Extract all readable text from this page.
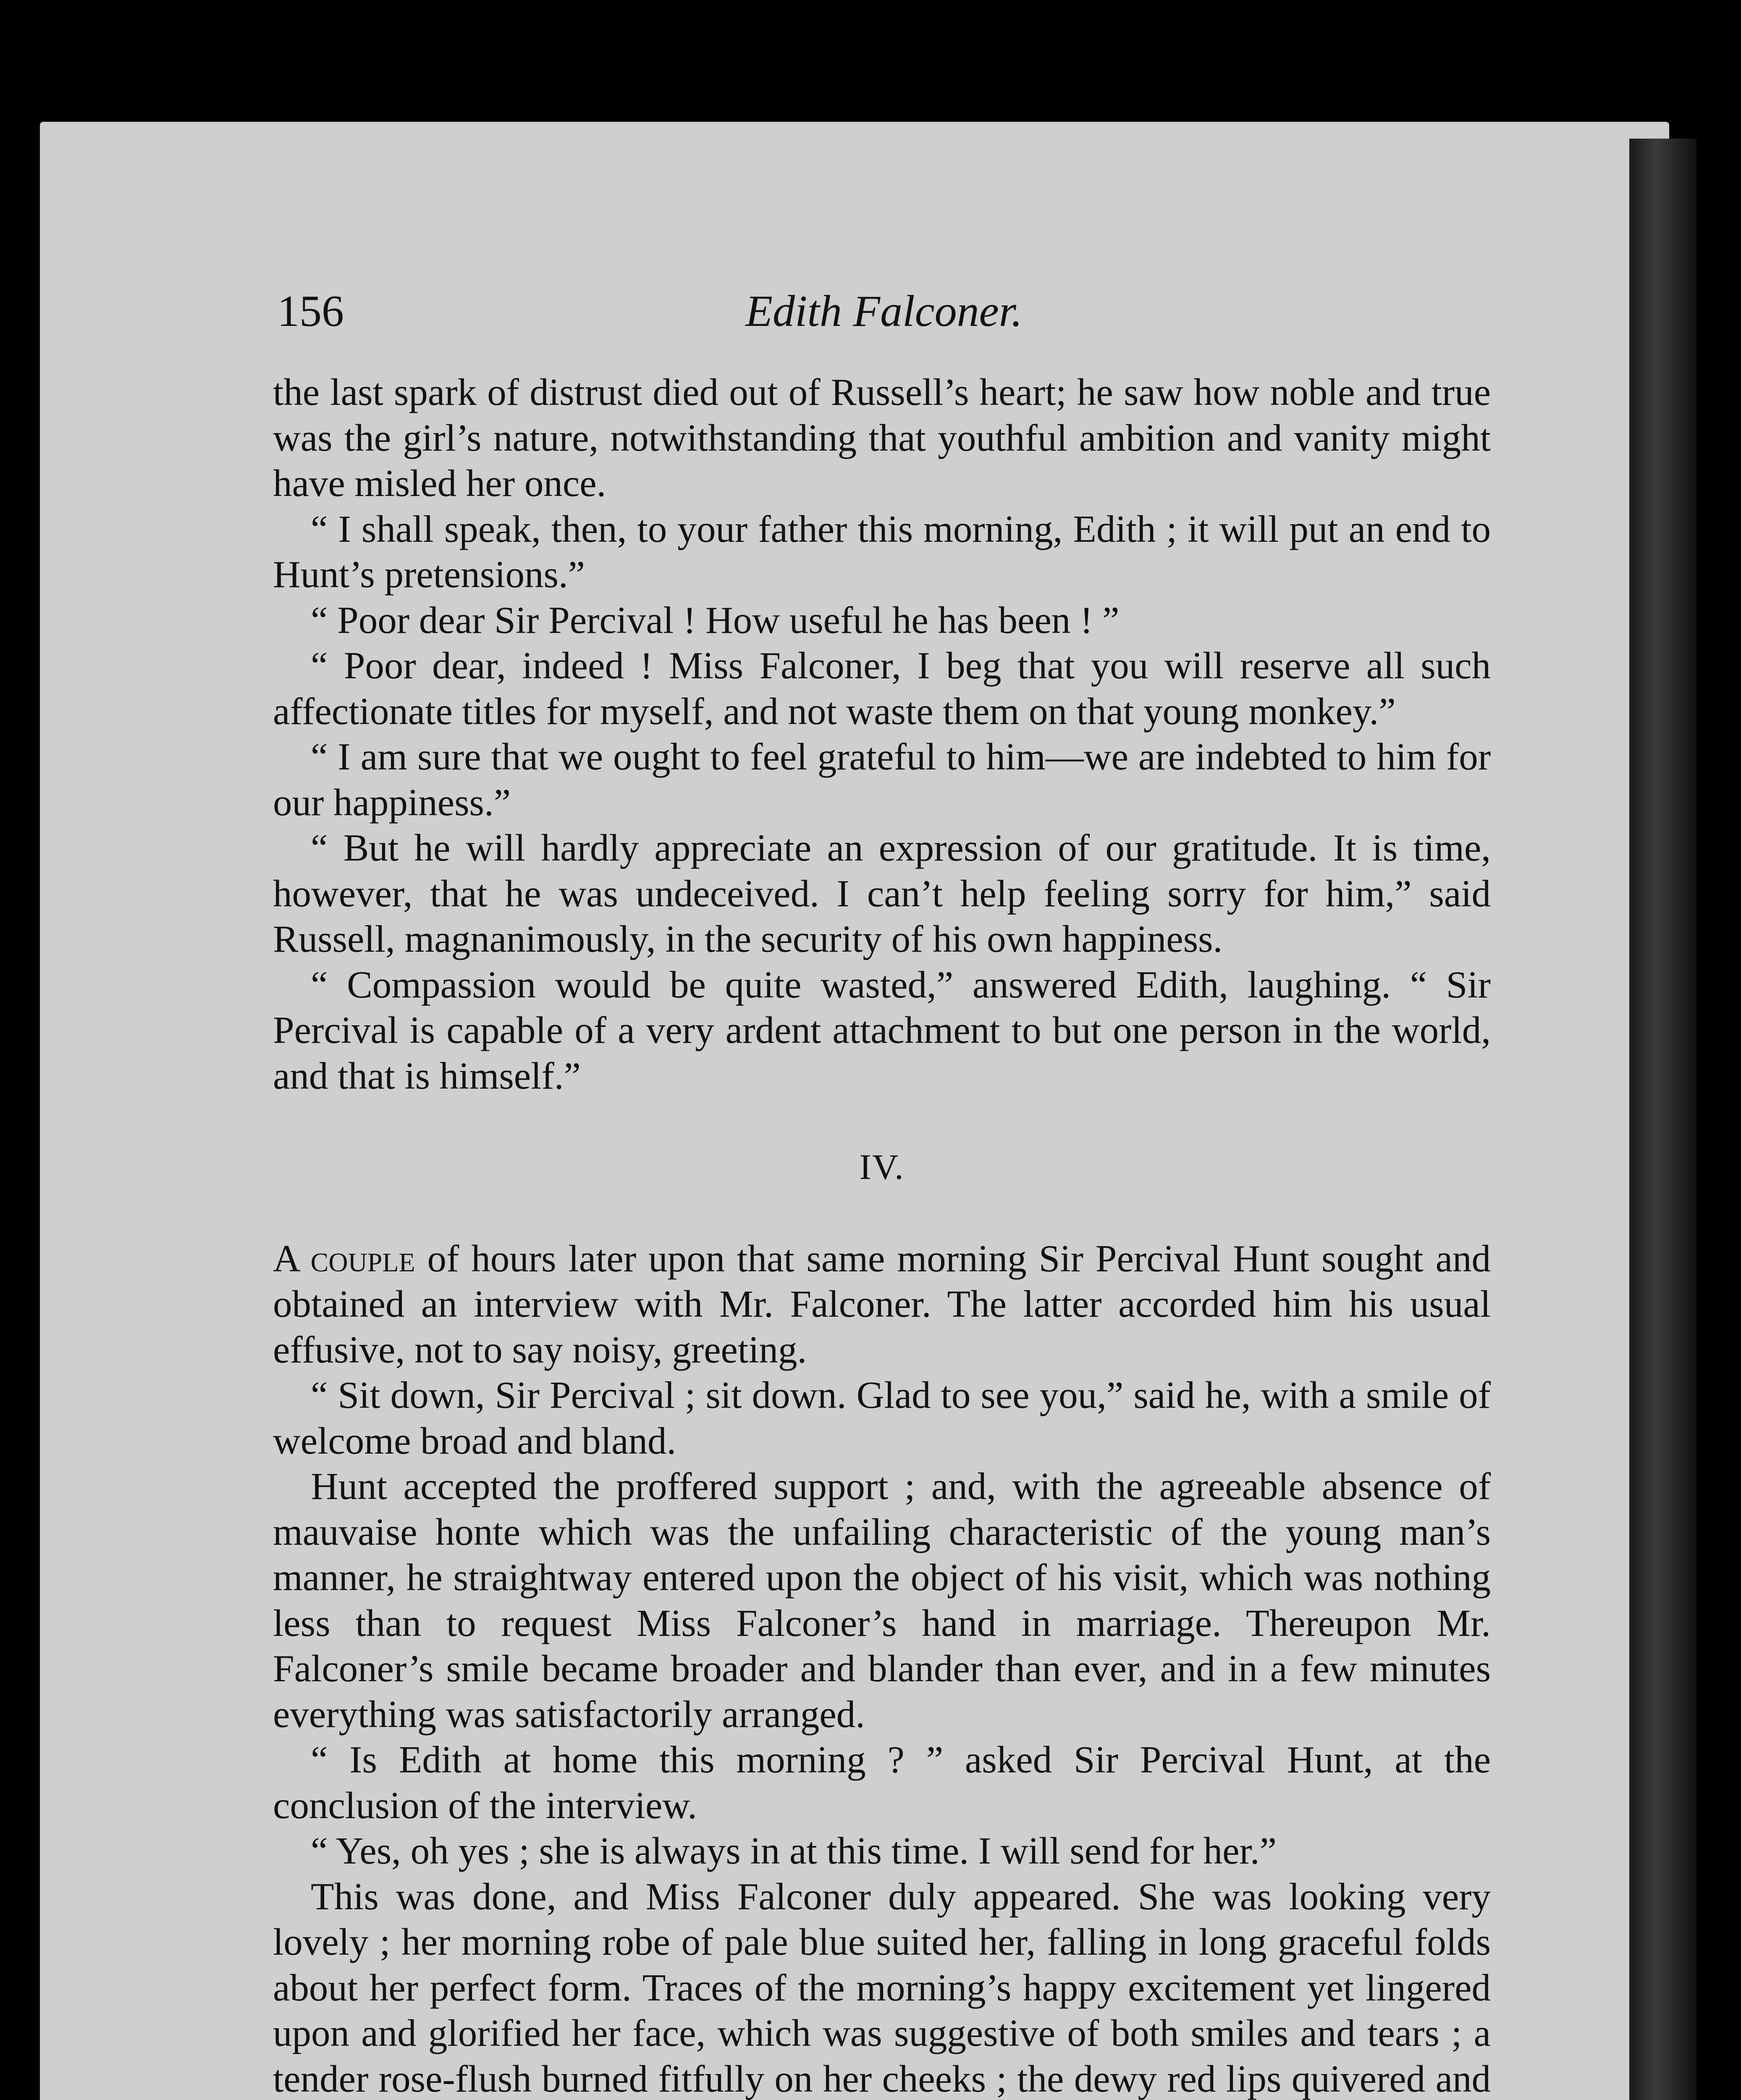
156	Edith Falconer.

the last spark of distrust died out of Russell’s heart; he saw how noble and true was the girl’s nature, notwithstanding that youthful ambition and vanity might have misled her once.

“ I shall speak, then, to your father this morning, Edith ; it will put an end to Hunt’s pretensions.”

“ Poor dear Sir Percival ! How useful he has been ! ”

“ Poor dear, indeed ! Miss Falconer, I beg that you will reserve all such affectionate titles for myself, and not waste them on that young monkey.”

“ I am sure that we ought to feel grateful to him—we are indebted to him for our happiness.”

“ But he will hardly appreciate an expression of our gratitude. It is time, however, that he was undeceived. I can’t help feeling sorry for him,” said Russell, magnanimously, in the security of his own happiness.

“ Compassion would be quite wasted,” answered Edith, laughing. “ Sir Percival is capable of a very ardent attachment to but one person in the world, and that is himself.”

IV.

A couple of hours later upon that same morning Sir Percival Hunt sought and obtained an interview with Mr. Falconer. The latter accorded him his usual effusive, not to say noisy, greeting.

“ Sit down, Sir Percival ; sit down. Glad to see you,” said he, with a smile of welcome broad and bland.

Hunt accepted the proffered support ; and, with the agreeable absence of mauvaise honte which was the unfailing characteristic of the young man’s manner, he straightway entered upon the object of his visit, which was nothing less than to request Miss Falconer’s hand in marriage. Thereupon Mr. Falconer’s smile became broader and blander than ever, and in a few minutes everything was satisfactorily arranged.

“ Is Edith at home this morning ? ” asked Sir Percival Hunt, at the conclusion of the interview.

“ Yes, oh yes ; she is always in at this time. I will send for her.”

This was done, and Miss Falconer duly appeared. She was looking very lovely ; her morning robe of pale blue suited her, falling in long graceful folds about her perfect form. Traces of the morning’s happy excitement yet lingered upon and glorified her face, which was suggestive of both smiles and tears ; a tender rose-flush burned fitfully on her cheeks ; the dewy red lips quivered and
